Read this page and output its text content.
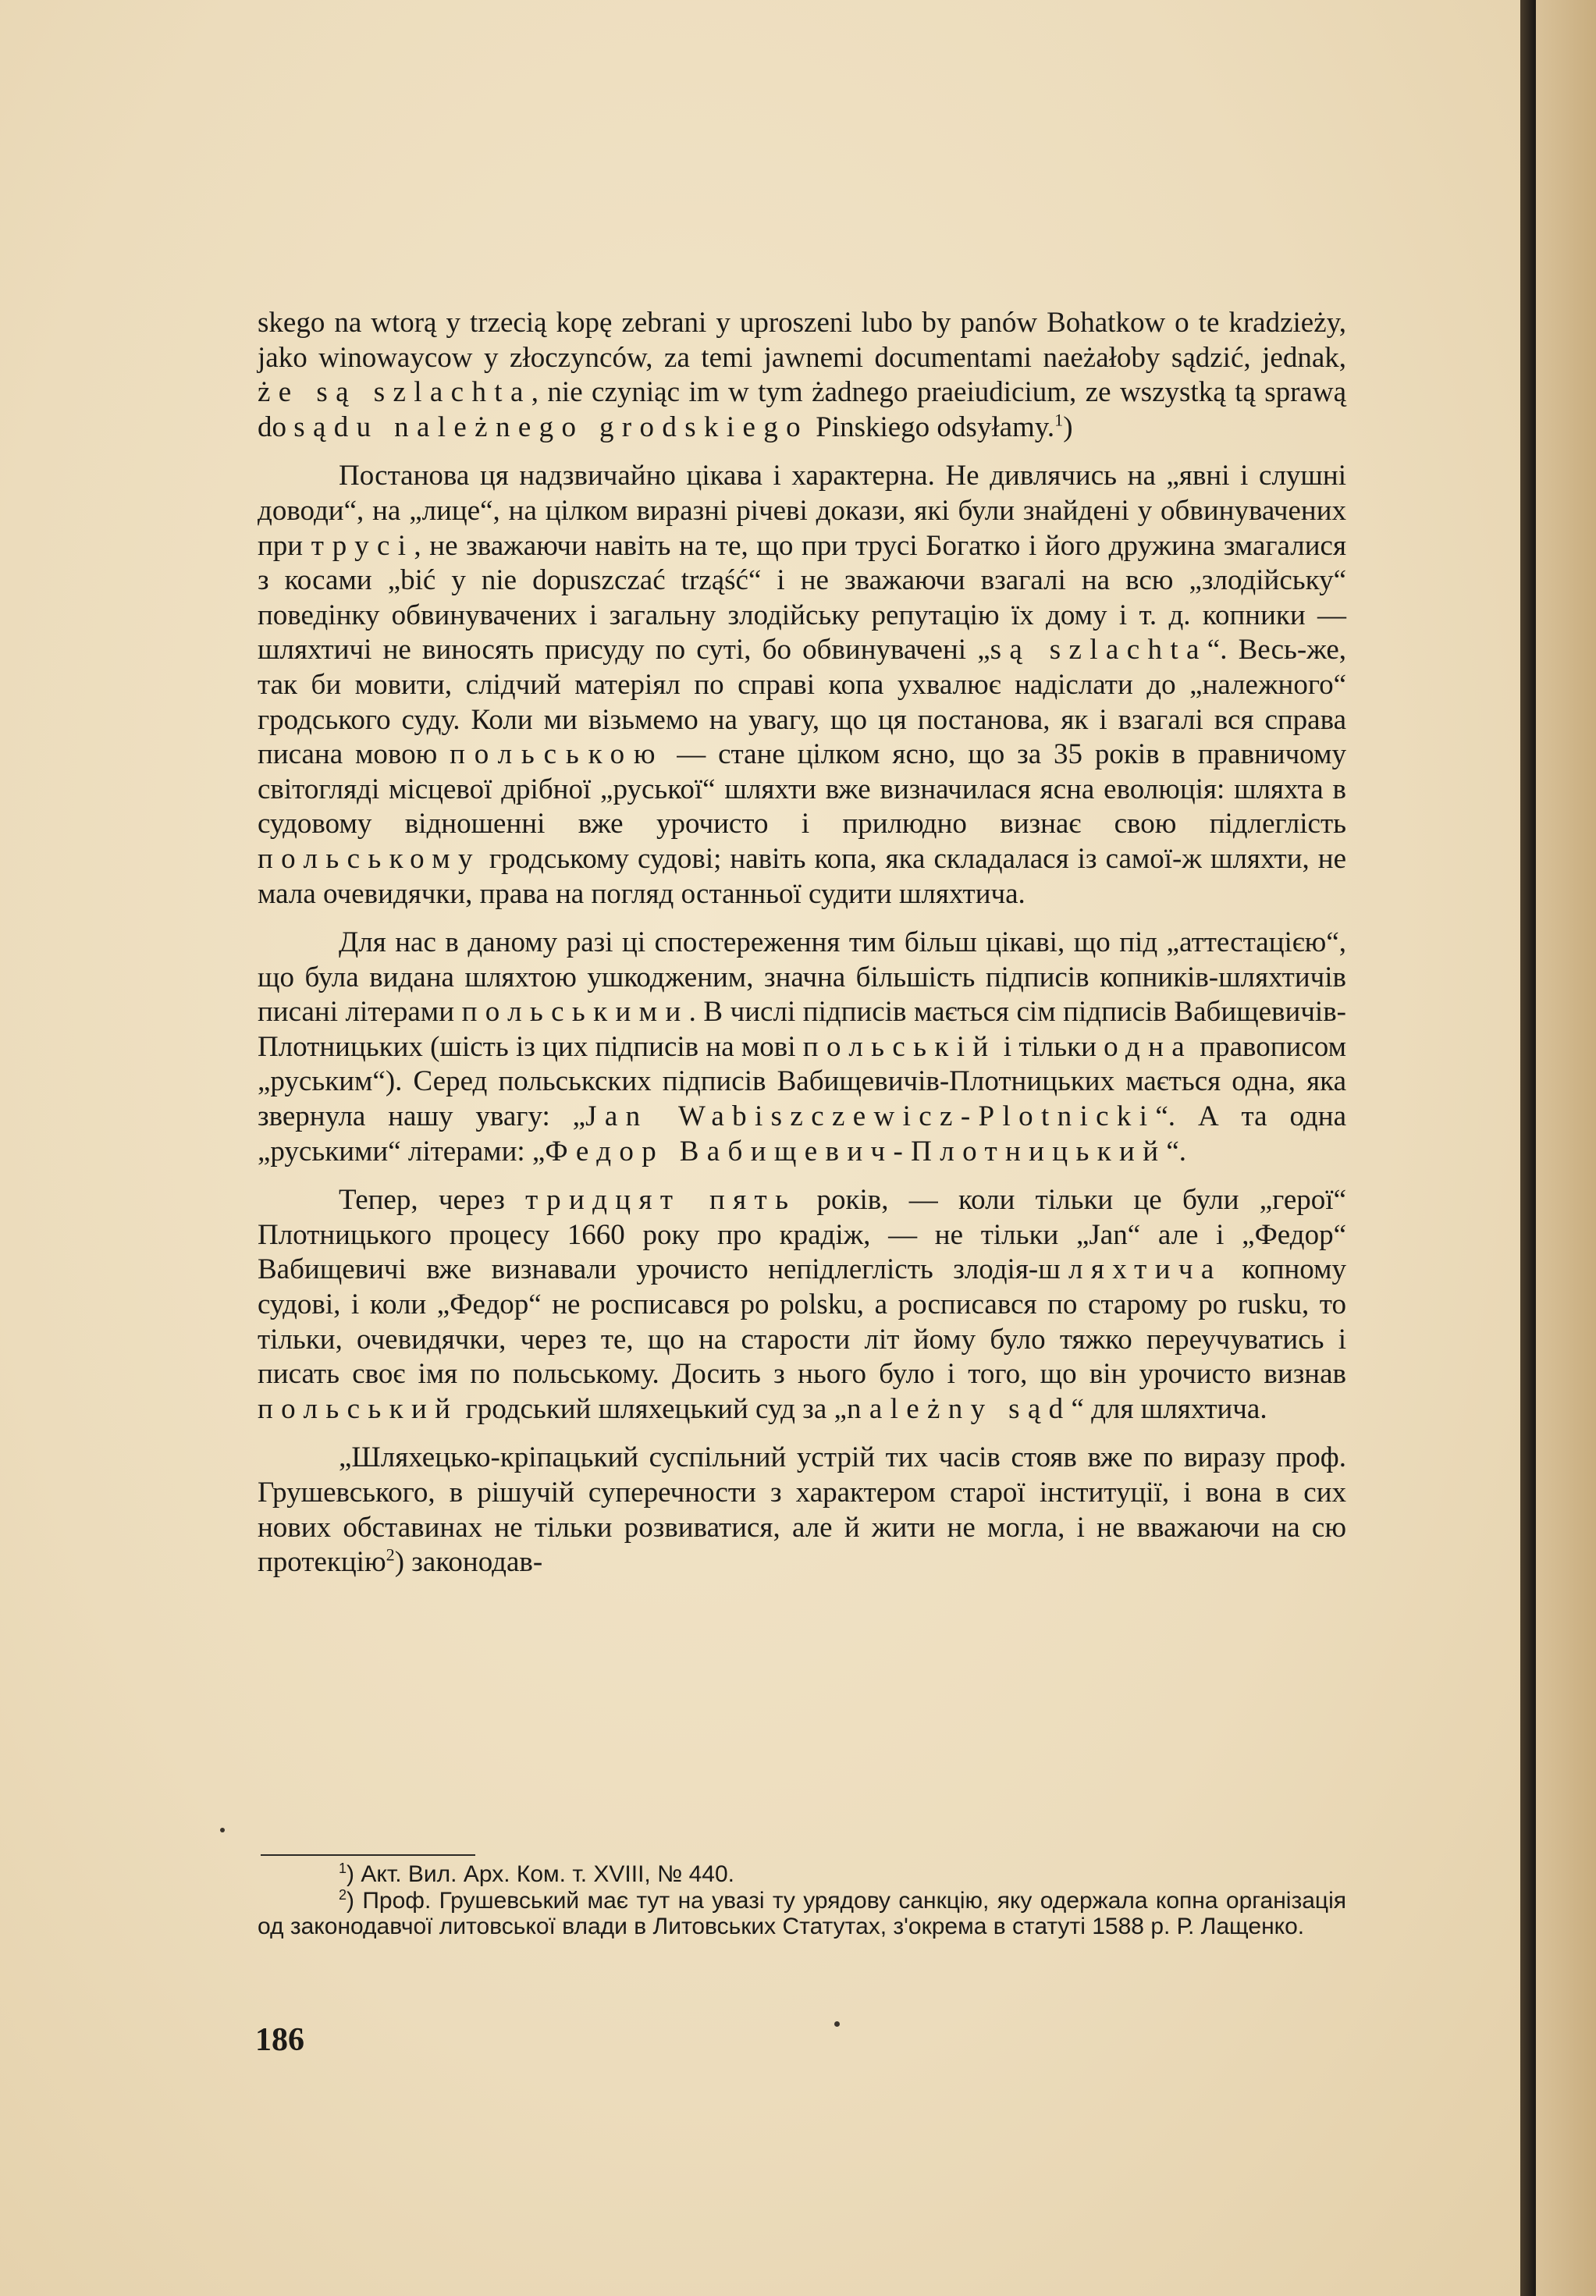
skego na wtorą y trzecią kopę zebrani y uproszeni lubo by panów Bohatkow o te kradzieży, jako winowaycow y złoczynców, za temi jawnemi documentami naeżałoby sądzić, jednak, że są szlachta, nie czyniąc im w tym żadnego praeiudicium, ze wszystką tą sprawą do sądu należnego grodskiego Pinskiego odsyłamy.$^1$)

Постанова ця надзвичайно цікава і характерна. Не дивлячись на „явні і слушні доводи“, на „лице“, на цілком виразні річеві докази, які були знайдені у обвинувачених при трусі, не зважаючи навіть на те, що при трусі Богатко і його дружина змагалися з косами „bić y nie dopuszczać trząść“ і не зважаючи взагалі на всю „злодійську“ поведінку обвинувачених і загальну злодійську репутацію їх дому і т. д. копники — шляхтичі не виносять присуду по суті, бо обвинувачені „są szlachta“. Весь-же, так би мовити, слідчий матеріял по справі копа ухвалює надіслати до „належного“ гродського суду. Коли ми візьмемо на увагу, що ця постанова, як і взагалі вся справа писана мовою польською — стане цілком ясно, що за 35 років в правничому світогляді місцевої дрібної „руської“ шляхти вже визначилася ясна еволюція: шляхта в судовому відношенні вже урочисто і прилюдно визнає свою підлеглість польському гродському судові; навіть копа, яка складалася із самої-ж шляхти, не мала очевидячки, права на погляд останньої судити шляхтича.

Для нас в даному разі ці спостереження тим більш цікаві, що під „аттестацією“, що була видана шляхтою ушкодженим, значна більшість підписів копників-шляхтичів писані літерами польськими. В числі підписів мається сім підписів Вабищевичів-Плотницьких (шість із цих підписів на мові польській і тільки одна правописом „руським“). Серед польськских підписів Вабищевичів-Плотницьких мається одна, яка звернула нашу увагу: „Jan Wabiszczewicz-Plotnicki“. А та одна „руськими“ літерами: „Федор Вабищевич-Плотницький“.

Тепер, через тридцят пять років, — коли тільки це були „герої“ Плотницького процесу 1660 року про крадіж, — не тільки „Jan“ але і „Федор“ Вабищевичі вже визнавали урочисто непідлеглість злодія-шляхтича копному судові, і коли „Федор“ не росписався po polsku, а росписався по старому po rusku, то тільки, очевидячки, через те, що на старости літ йому було тяжко переучуватись і писать своє імя по польському. Досить з нього було і того, що він урочисто визнав польський гродський шляхецький суд за „należny sąd“ для шляхтича.

„Шляхецько-кріпацький суспільний устрій тих часів стояв вже по виразу проф. Грушевського, в рішучій суперечности з характером старої інституції, і вона в сих нових обставинах не тільки розвиватися, але й жити не могла, і не вважаючи на сю протекцію$^2$) законодав-

$^1$) Акт. Вил. Арх. Ком. т. XVIII, № 440.

$^2$) Проф. Грушевський має тут на увазі ту урядову санкцію, яку одержала копна організація од законодавчої литовської влади в Литовських Статутах, з'окрема в статуті 1588 р. Р. Лащенко.

186
